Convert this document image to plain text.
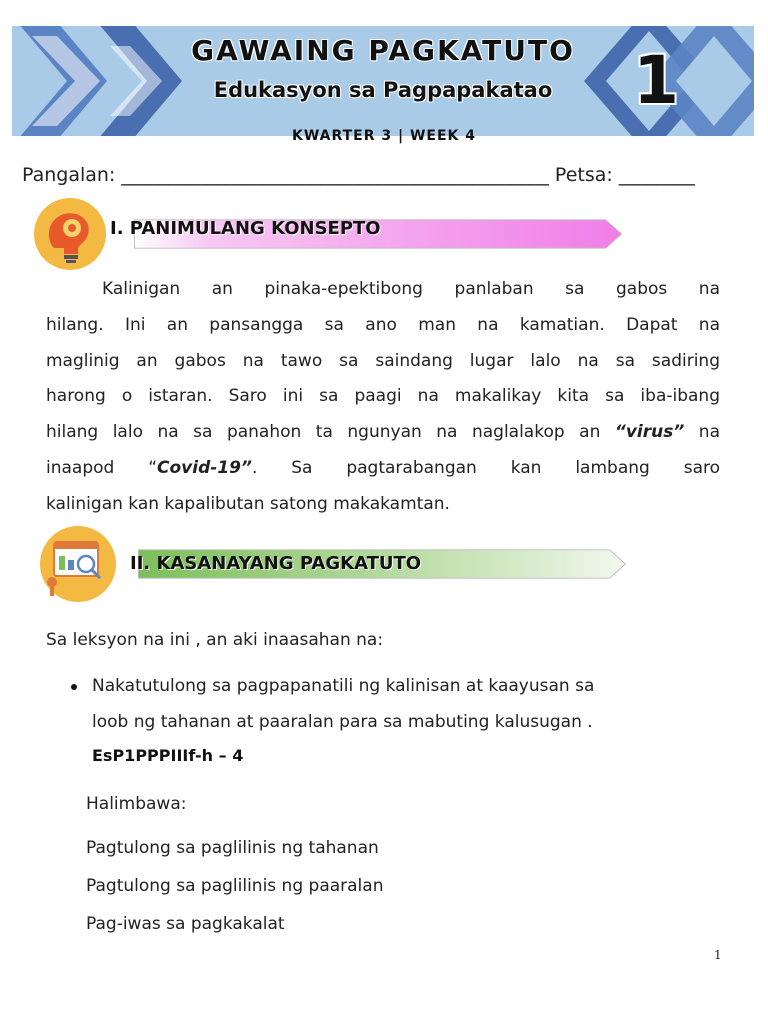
GAWAING PAGKATUTO
Edukasyon sa Pagpapakatao	1
KWARTER 3 | WEEK 4
Pangalan: _____________________________________________ Petsa: ________
I. PANIMULANG KONSEPTO
Kalinigan an pinaka-epektibong panlaban sa gabos na
hilang. Ini an pansangga sa ano man na kamatian. Dapat na
maglinig an gabos na tawo sa saindang lugar lalo na sa sadiring
harong o istaran. Saro ini sa paagi na makalikay kita sa iba-ibang
hilang lalo na sa panahon ta ngunyan na naglalakop an “virus” na
inaapod “Covid-19”. Sa pagtarabangan kan lambang saro
kalinigan kan kapalibutan satong makakamtan.
II. KASANAYANG PAGKATUTO
Sa leksyon na ini , an aki inaasahan na:
Nakatutulong sa pagpapanatili ng kalinisan at kaayusan sa
loob ng tahanan at paaralan para sa mabuting kalusugan .
EsP1PPPIIIf-h – 4
Halimbawa:
Pagtulong sa paglilinis ng tahanan
Pagtulong sa paglilinis ng paaralan
Pag-iwas sa pagkakalat
1
